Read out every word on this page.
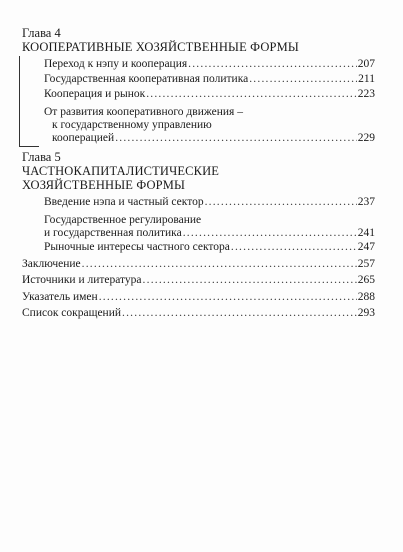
Глава 4
КООПЕРАТИВНЫЕ ХОЗЯЙСТВЕННЫЕ ФОРМЫ
Переход к нэпу и кооперация .....	207
Государственная кооперативная политика .....	211
Кооперация и рынок .....	223
От развития кооперативного движения –
к государственному управлению
кооперацией .....	229
Глава 5
ЧАСТНОКАПИТАЛИСТИЧЕСКИЕ
ХОЗЯЙСТВЕННЫЕ ФОРМЫ
Введение нэпа и частный сектор .....	237
Государственное регулирование
и государственная политика .....	241
Рыночные интересы частного сектора .....	247
Заключение .....	257
Источники и литература .....	265
Указатель имен .....	288
Список сокращений .....	293
